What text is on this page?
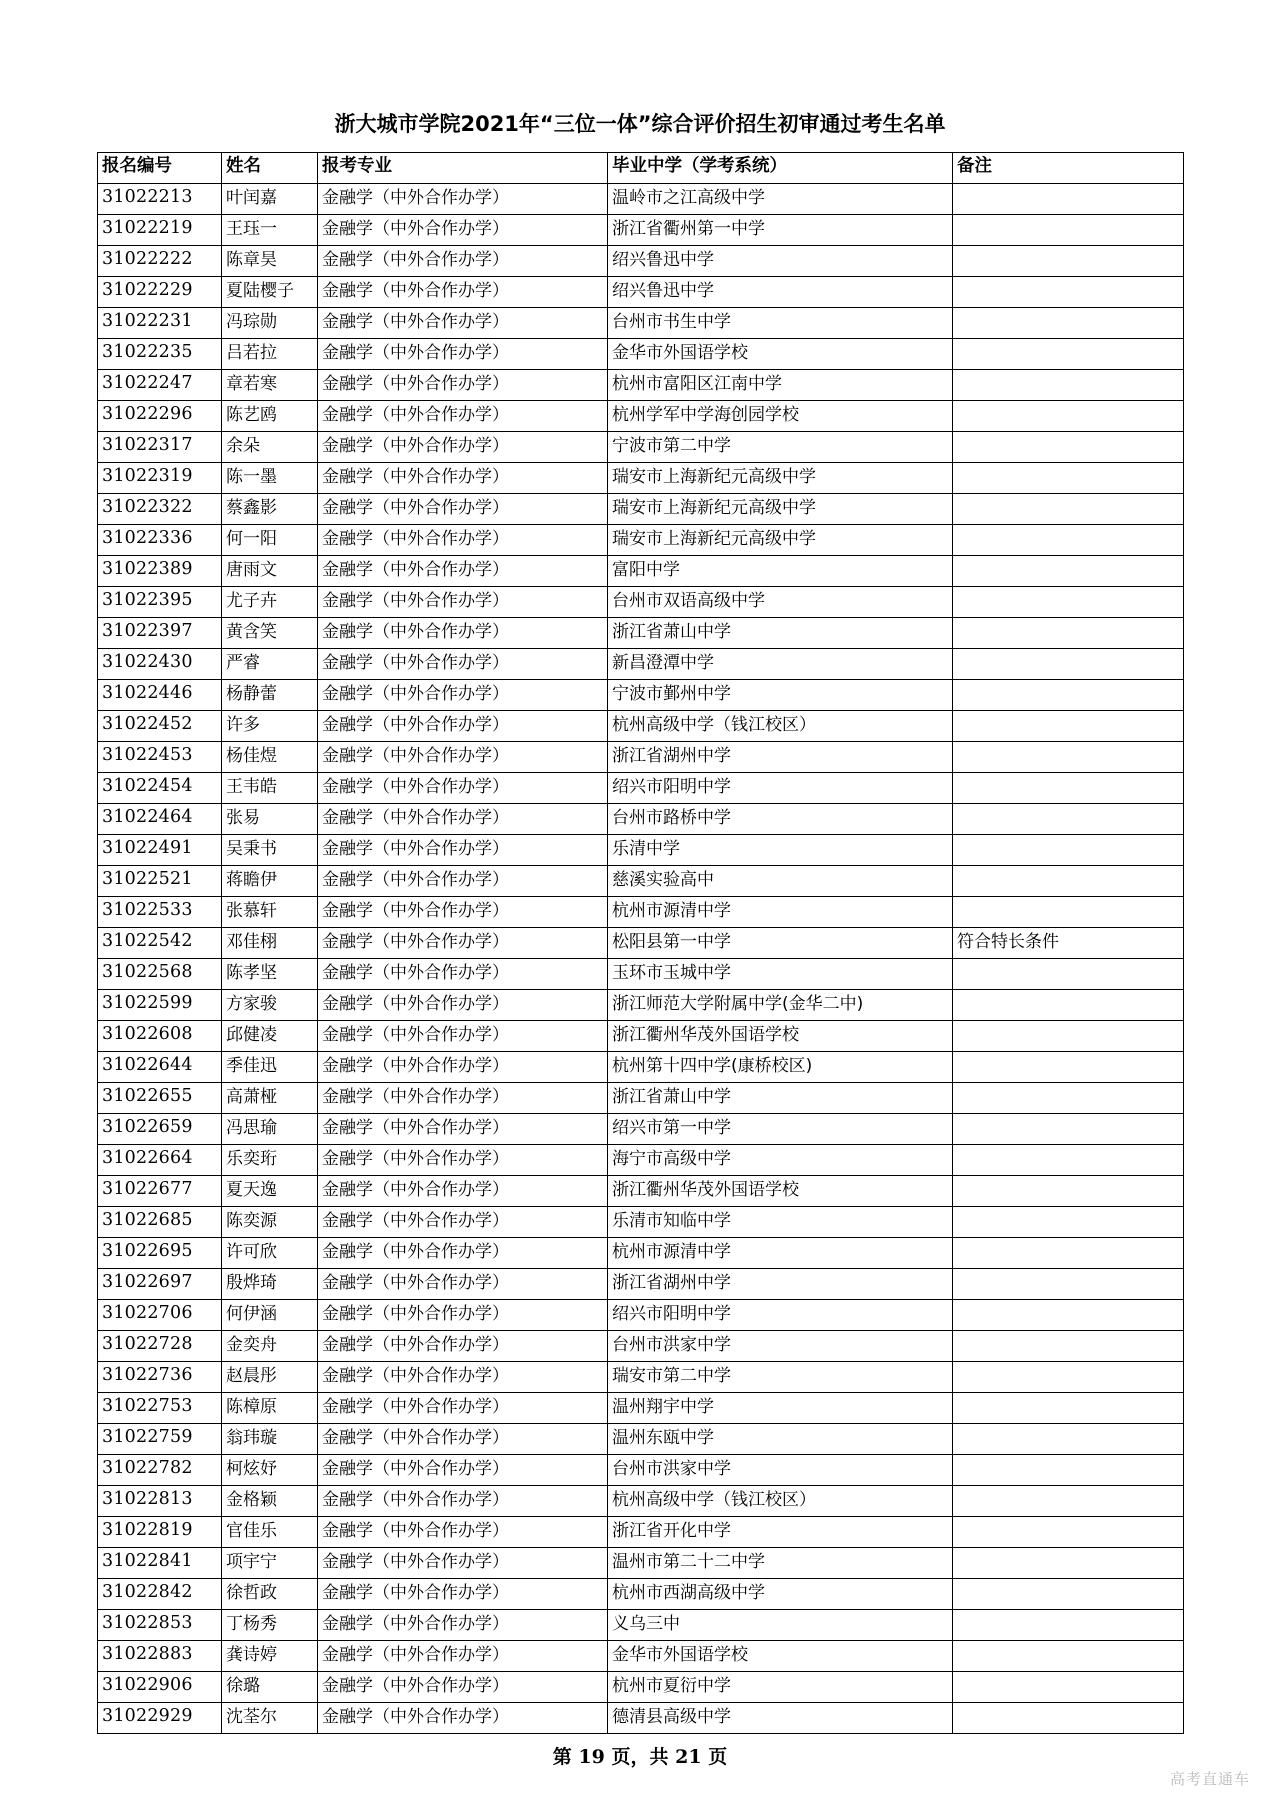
浙大城市学院2021年“三位一体”综合评价招生初审通过考生名单
报名编号	姓名	报考专业	毕业中学（学考系统）	备注
31022213	叶闰嘉	金融学（中外合作办学）	温岭市之江高级中学	
31022219	王珏一	金融学（中外合作办学）	浙江省衢州第一中学	
31022222	陈章昊	金融学（中外合作办学）	绍兴鲁迅中学	
31022229	夏陆樱子	金融学（中外合作办学）	绍兴鲁迅中学	
31022231	冯琮勋	金融学（中外合作办学）	台州市书生中学	
31022235	吕若拉	金融学（中外合作办学）	金华市外国语学校	
31022247	章若寒	金融学（中外合作办学）	杭州市富阳区江南中学	
31022296	陈艺鸥	金融学（中外合作办学）	杭州学军中学海创园学校	
31022317	余朵	金融学（中外合作办学）	宁波市第二中学	
31022319	陈一墨	金融学（中外合作办学）	瑞安市上海新纪元高级中学	
31022322	蔡鑫影	金融学（中外合作办学）	瑞安市上海新纪元高级中学	
31022336	何一阳	金融学（中外合作办学）	瑞安市上海新纪元高级中学	
31022389	唐雨文	金融学（中外合作办学）	富阳中学	
31022395	尤子卉	金融学（中外合作办学）	台州市双语高级中学	
31022397	黄含笑	金融学（中外合作办学）	浙江省萧山中学	
31022430	严睿	金融学（中外合作办学）	新昌澄潭中学	
31022446	杨静蕾	金融学（中外合作办学）	宁波市鄞州中学	
31022452	许多	金融学（中外合作办学）	杭州高级中学（钱江校区）	
31022453	杨佳煜	金融学（中外合作办学）	浙江省湖州中学	
31022454	王韦皓	金融学（中外合作办学）	绍兴市阳明中学	
31022464	张易	金融学（中外合作办学）	台州市路桥中学	
31022491	吴秉书	金融学（中外合作办学）	乐清中学	
31022521	蒋瞻伊	金融学（中外合作办学）	慈溪实验高中	
31022533	张慕轩	金融学（中外合作办学）	杭州市源清中学	
31022542	邓佳栩	金融学（中外合作办学）	松阳县第一中学	符合特长条件
31022568	陈孝坚	金融学（中外合作办学）	玉环市玉城中学	
31022599	方家骏	金融学（中外合作办学）	浙江师范大学附属中学(金华二中)	
31022608	邱健凌	金融学（中外合作办学）	浙江衢州华茂外国语学校	
31022644	季佳迅	金融学（中外合作办学）	杭州第十四中学(康桥校区)	
31022655	高萧桠	金融学（中外合作办学）	浙江省萧山中学	
31022659	冯思瑜	金融学（中外合作办学）	绍兴市第一中学	
31022664	乐奕珩	金融学（中外合作办学）	海宁市高级中学	
31022677	夏天逸	金融学（中外合作办学）	浙江衢州华茂外国语学校	
31022685	陈奕源	金融学（中外合作办学）	乐清市知临中学	
31022695	许可欣	金融学（中外合作办学）	杭州市源清中学	
31022697	殷烨琦	金融学（中外合作办学）	浙江省湖州中学	
31022706	何伊涵	金融学（中外合作办学）	绍兴市阳明中学	
31022728	金奕舟	金融学（中外合作办学）	台州市洪家中学	
31022736	赵晨彤	金融学（中外合作办学）	瑞安市第二中学	
31022753	陈樟原	金融学（中外合作办学）	温州翔宇中学	
31022759	翁玮璇	金融学（中外合作办学）	温州东瓯中学	
31022782	柯炫妤	金融学（中外合作办学）	台州市洪家中学	
31022813	金格颖	金融学（中外合作办学）	杭州高级中学（钱江校区）	
31022819	官佳乐	金融学（中外合作办学）	浙江省开化中学	
31022841	项宇宁	金融学（中外合作办学）	温州市第二十二中学	
31022842	徐哲政	金融学（中外合作办学）	杭州市西湖高级中学	
31022853	丁杨秀	金融学（中外合作办学）	义乌三中	
31022883	龚诗婷	金融学（中外合作办学）	金华市外国语学校	
31022906	徐璐	金融学（中外合作办学）	杭州市夏衍中学	
31022929	沈荃尔	金融学（中外合作办学）	德清县高级中学	
第 19 页，共 21 页
高考直通车
